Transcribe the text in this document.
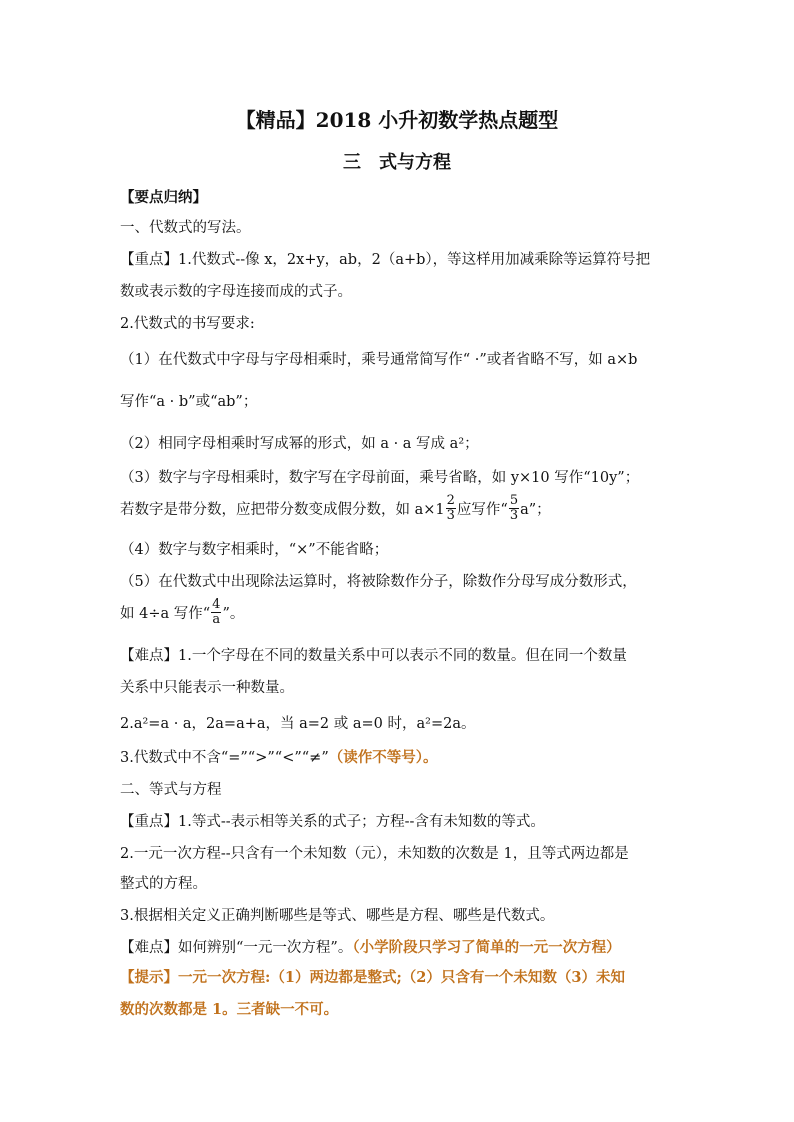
【精品】2018 小升初数学热点题型
三　式与方程
【要点归纳】
一、代数式的写法。
【重点】1.代数式--像 x，2x+y，ab，2（a+b），等这样用加减乘除等运算符号把
数或表示数的字母连接而成的式子。
2.代数式的书写要求:
（1）在代数式中字母与字母相乘时，乘号通常简写作“ ·”或者省略不写，如 a×b
写作“a · b”或“ab”；
（2）相同字母相乘时写成幂的形式，如 a · a 写成 a²；
（3）数字与字母相乘时，数字写在字母前面，乘号省略，如 y×10 写作“10y”；
若数字是带分数，应把带分数变成假分数，如 $a\times 1 \frac{2}{3}$ 应写作“ $\frac{5}{3} a$”；
（4）数字与数字相乘时，“×”不能省略；
（5）在代数式中出现除法运算时，将被除数作分子，除数作分母写成分数形式，
如 4÷a 写作“ $\frac{4}{a}$ ”。
【难点】1.一个字母在不同的数量关系中可以表示不同的数量。但在同一个数量
关系中只能表示一种数量。
2.a²=a · a，2a=a+a，当 a=2 或 a=0 时，a²=2a。
3.代数式中不含“=”“>”“<”“≠”（读作不等号）。
二、等式与方程
【重点】1.等式--表示相等关系的式子；方程--含有未知数的等式。
2.一元一次方程--只含有一个未知数（元），未知数的次数是 1，且等式两边都是
整式的方程。
3.根据相关定义正确判断哪些是等式、哪些是方程、哪些是代数式。
【难点】如何辨别“一元一次方程”。（小学阶段只学习了简单的一元一次方程）
【提示】一元一次方程:（1）两边都是整式;（2）只含有一个未知数（3）未知
数的次数都是 1。三者缺一不可。
